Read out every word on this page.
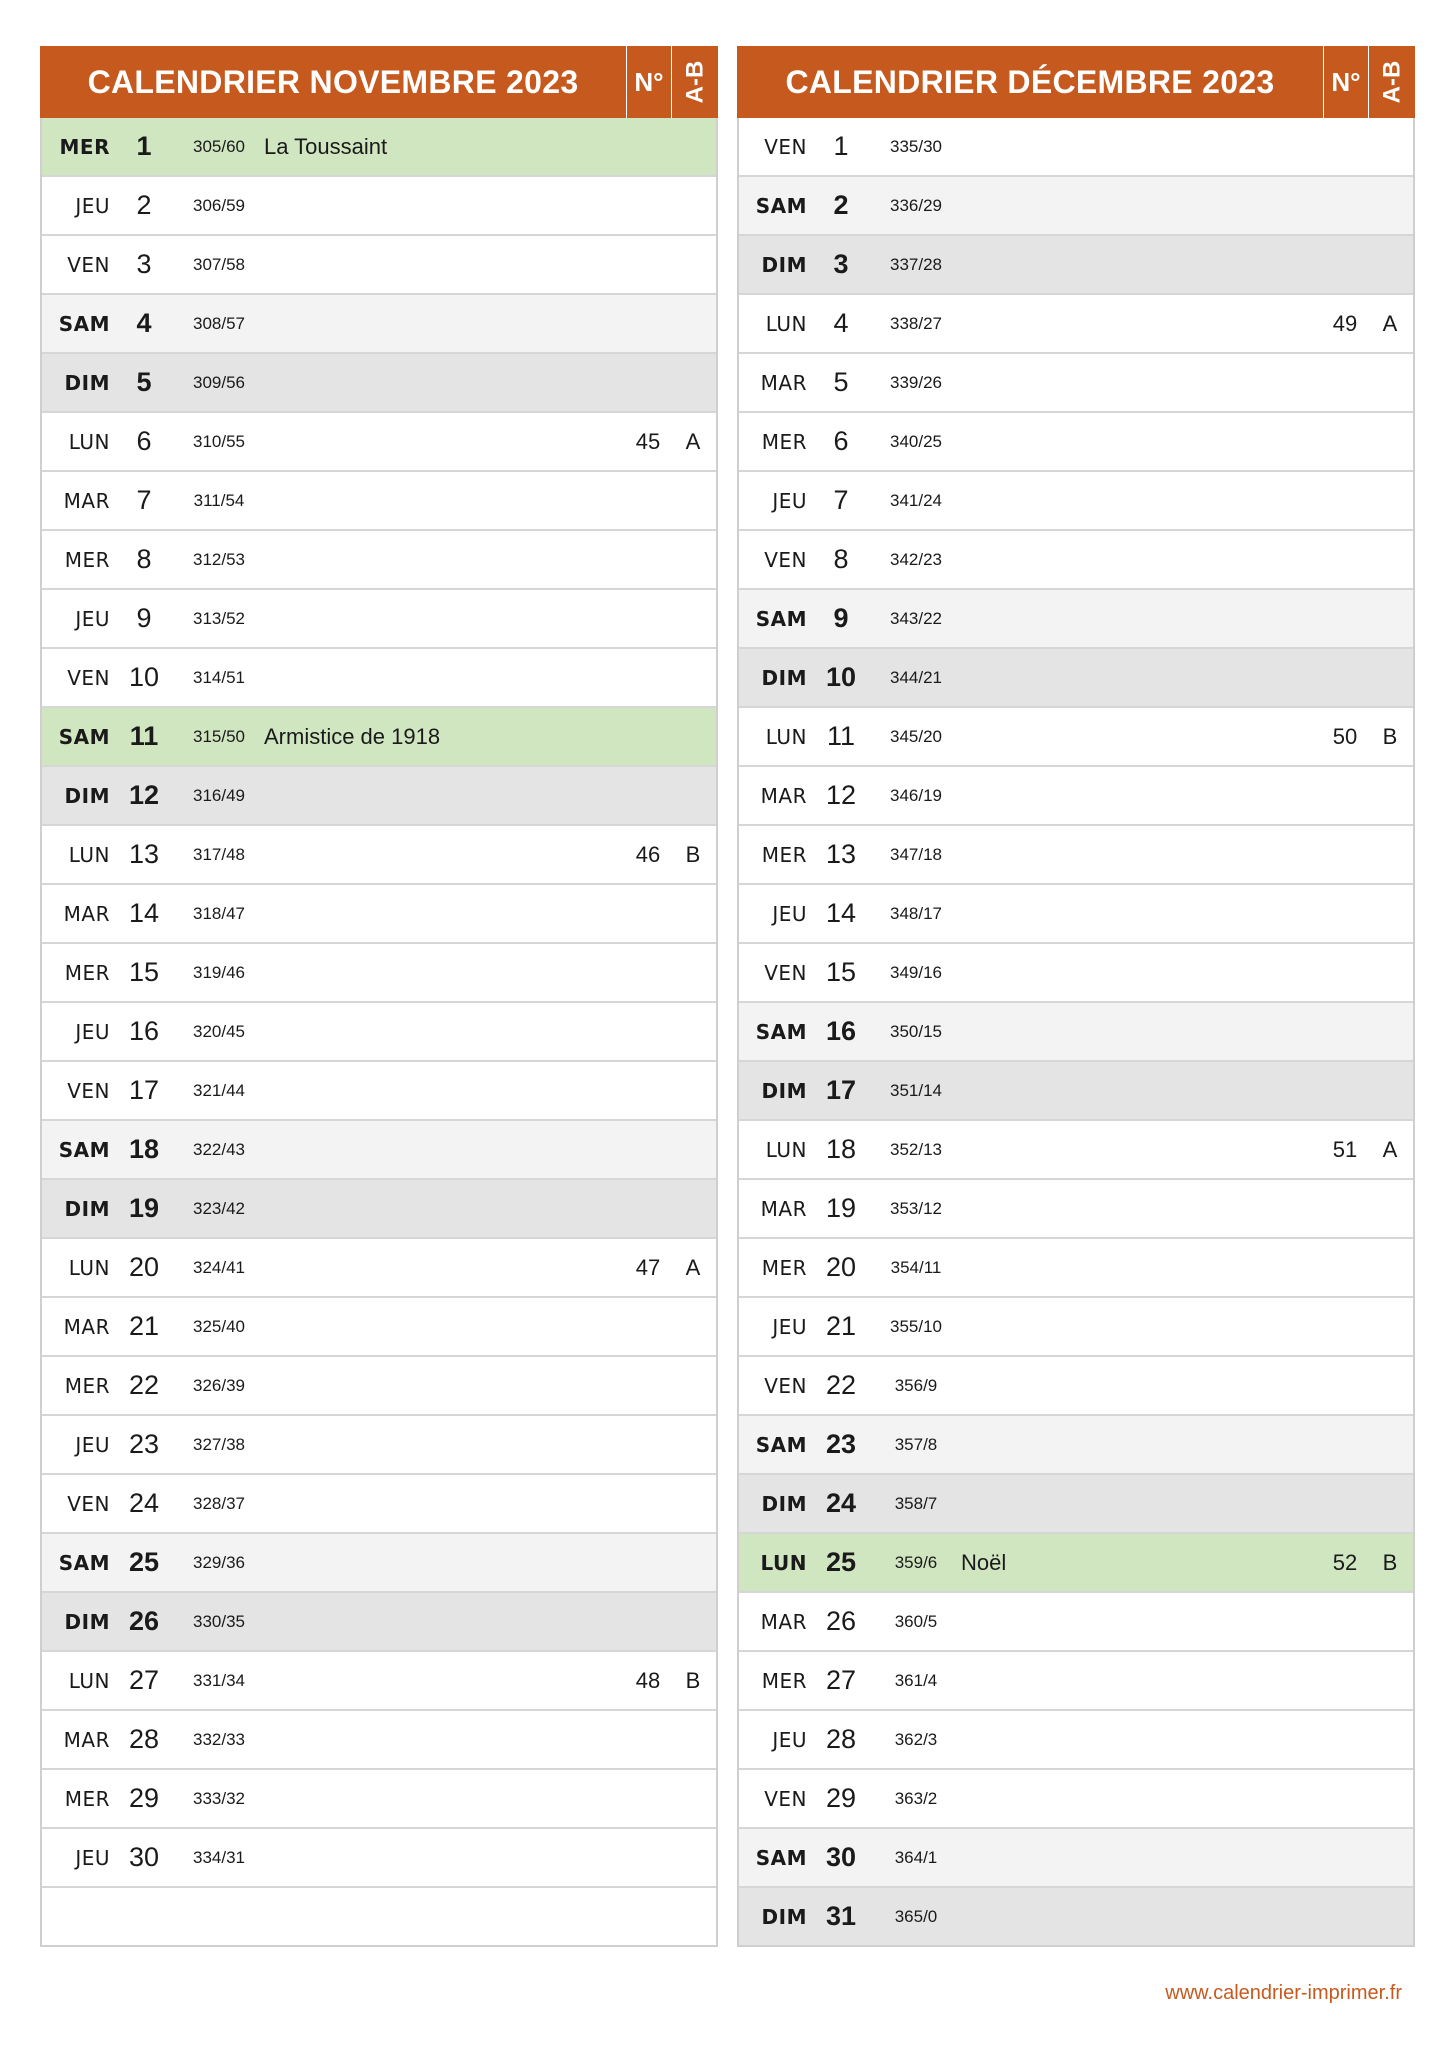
CALENDRIER NOVEMBRE 2023	N° A-B
MER 1	305/60 La Toussaint
JEU 2	306/59
VEN 3	307/58
SAM 4	308/57
DIM 5	309/56
LUN 6	310/55	45	A
MAR 7	311/54
MER 8	312/53
JEU 9	313/52
VEN 10	314/51
SAM 11	315/50 Armistice de 1918
DIM 12	316/49
LUN 13	317/48	46	B
MAR 14	318/47
MER 15	319/46
JEU 16	320/45
VEN 17	321/44
SAM 18	322/43
DIM 19	323/42
LUN 20	324/41	47	A
MAR 21	325/40
MER 22	326/39
JEU 23	327/38
VEN 24	328/37
SAM 25	329/36
DIM 26	330/35
LUN 27	331/34	48	B
MAR 28	332/33
MER 29	333/32
JEU 30	334/31
CALENDRIER DÉCEMBRE 2023	N° A-B
VEN 1	335/30
SAM 2	336/29
DIM 3	337/28
LUN 4	338/27	49	A
MAR 5	339/26
MER 6	340/25
JEU 7	341/24
VEN 8	342/23
SAM 9	343/22
DIM 10	344/21
LUN 11	345/20	50	B
MAR 12	346/19
MER 13	347/18
JEU 14	348/17
VEN 15	349/16
SAM 16	350/15
DIM 17	351/14
LUN 18	352/13	51	A
MAR 19	353/12
MER 20	354/11
JEU 21	355/10
VEN 22	356/9
SAM 23	357/8
DIM 24	358/7
LUN 25	359/6	Noël	52	B
MAR 26	360/5
MER 27	361/4
JEU 28	362/3
VEN 29	363/2
SAM 30	364/1
DIM 31	365/0
www.calendrier-imprimer.fr
